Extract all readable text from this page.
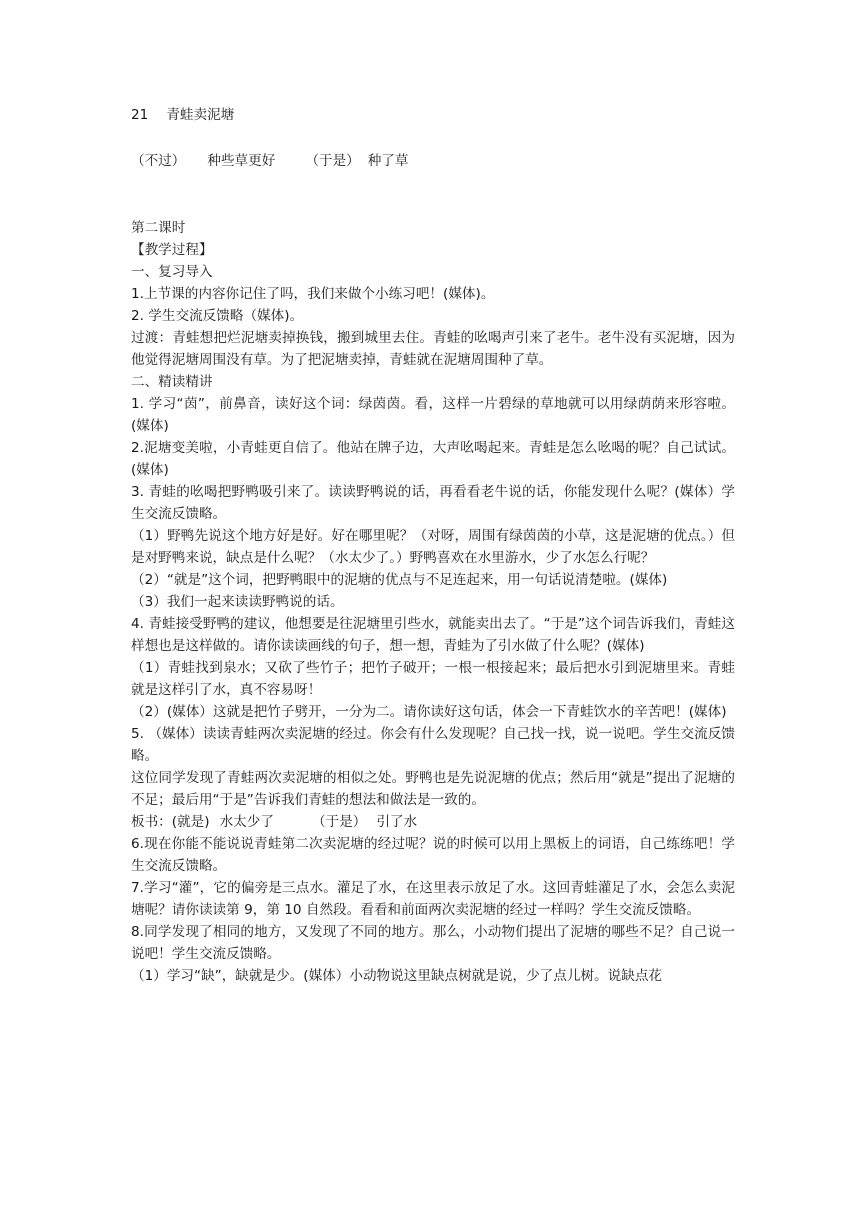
21 青蛙卖泥塘

（不过） 种些草更好 （于是） 种了草

第二课时
【教学过程】
一、复习导入
1.上节课的内容你记住了吗，我们来做个小练习吧！(媒体)。
2. 学生交流反馈略（媒体)。
过渡：青蛙想把烂泥塘卖掉换钱，搬到城里去住。青蛙的吆喝声引来了老牛。老牛没有买泥塘，因为他觉得泥塘周围没有草。为了把泥塘卖掉，青蛙就在泥塘周围种了草。
二、精读精讲
1. 学习“茵”，前鼻音，读好这个词：绿茵茵。看，这样一片碧绿的草地就可以用绿荫荫来形容啦。(媒体)
2.泥塘变美啦，小青蛙更自信了。他站在牌子边，大声吆喝起来。青蛙是怎么吆喝的呢？自己试试。(媒体)
3. 青蛙的吆喝把野鸭吸引来了。读读野鸭说的话，再看看老牛说的话，你能发现什么呢？(媒体）学生交流反馈略。
（1）野鸭先说这个地方好是好。好在哪里呢？（对呀，周围有绿茵茵的小草，这是泥塘的优点。）但是对野鸭来说，缺点是什么呢？（水太少了。）野鸭喜欢在水里游水，少了水怎么行呢？
（2）“就是”这个词，把野鸭眼中的泥塘的优点与不足连起来，用一句话说清楚啦。(媒体)
（3）我们一起来读读野鸭说的话。
4. 青蛙接受野鸭的建议，他想要是往泥塘里引些水，就能卖出去了。“于是”这个词告诉我们，青蛙这样想也是这样做的。请你读读画线的句子，想一想，青蛙为了引水做了什么呢？(媒体)
（1）青蛙找到泉水；又砍了些竹子；把竹子破开；一根一根接起来；最后把水引到泥塘里来。青蛙就是这样引了水，真不容易呀！
（2）(媒体）这就是把竹子劈开，一分为二。请你读好这句话，体会一下青蛙饮水的辛苦吧！(媒体)
5. （媒体）读读青蛙两次卖泥塘的经过。你会有什么发现呢？自己找一找，说一说吧。学生交流反馈略。
这位同学发现了青蛙两次卖泥塘的相似之处。野鸭也是先说泥塘的优点；然后用“就是”提出了泥塘的不足；最后用“于是”告诉我们青蛙的想法和做法是一致的。
板书：(就是) 水太少了	（于是） 引了水
6.现在你能不能说说青蛙第二次卖泥塘的经过呢？说的时候可以用上黑板上的词语，自己练练吧！学生交流反馈略。
7.学习“灌”，它的偏旁是三点水。灌足了水，在这里表示放足了水。这回青蛙灌足了水，会怎么卖泥塘呢？请你读读第 9，第 10 自然段。看看和前面两次卖泥塘的经过一样吗？学生交流反馈略。
8.同学发现了相同的地方，又发现了不同的地方。那么，小动物们提出了泥塘的哪些不足？自己说一说吧！学生交流反馈略。
（1）学习“缺”，缺就是少。(媒体）小动物说这里缺点树就是说，少了点儿树。说缺点花
